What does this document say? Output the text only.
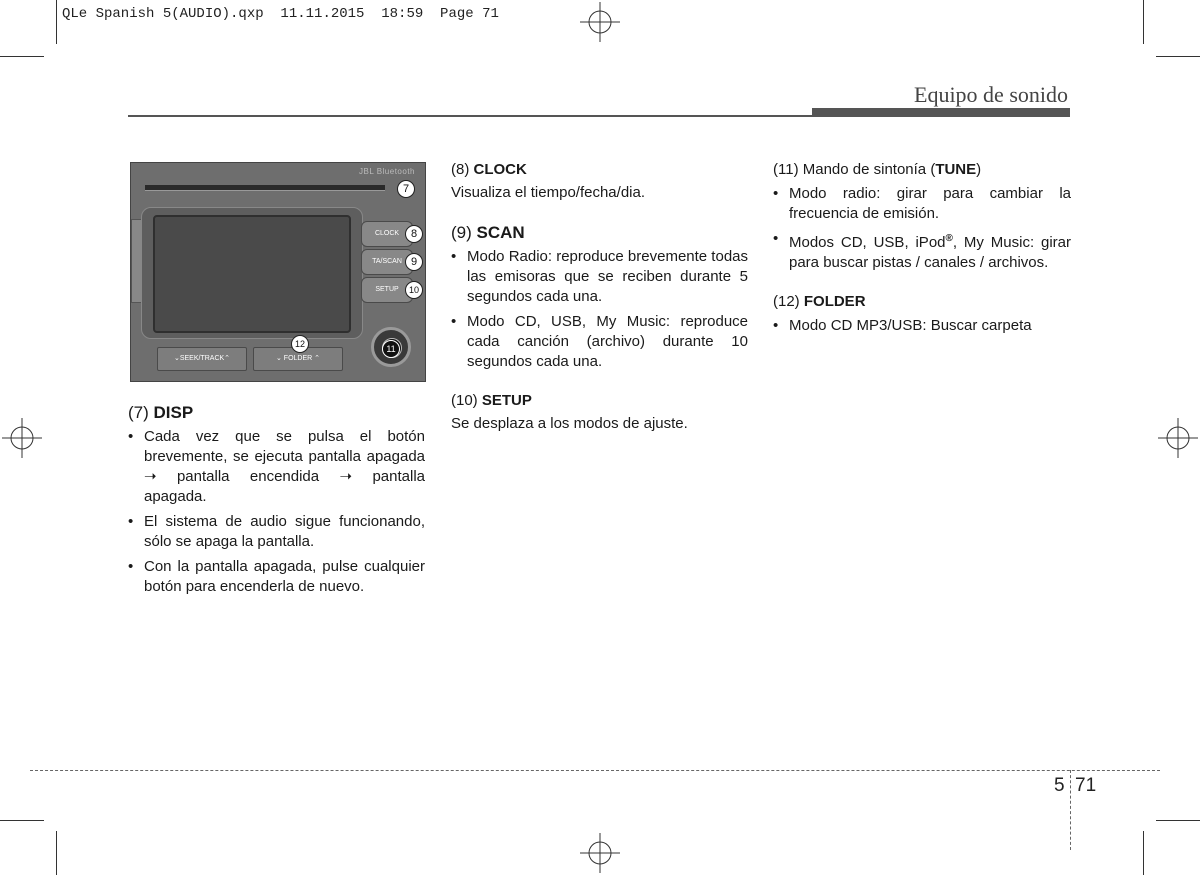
QLe Spanish 5(AUDIO).qxp  11.11.2015  18:59  Page 71
Equipo de sonido
JBL Bluetooth
CLOCK
TA/SCAN
SETUP
⌄SEEK/TRACK⌃	⌄ FOLDER ⌃
7
8
9
10
12	11
(7) DISP
• Cada vez que se pulsa el botón brevemente, se ejecuta pantalla apagada ➝ pantalla encendida ➝ pantalla apagada.
• El sistema de audio sigue funcionando, sólo se apaga la pantalla.
• Con la pantalla apagada, pulse cualquier botón para encenderla de nuevo.
(8) CLOCK

Visualiza el tiempo/fecha/dia.

(9) SCAN
• Modo Radio: reproduce brevemente todas las emisoras que se reciben durante 5 segundos cada una.
• Modo CD, USB, My Music: reproduce cada canción (archivo) durante 10 segundos cada una.
(10) SETUP

Se desplaza a los modos de ajuste.

(11) Mando de sintonía (TUNE)
• Modo radio: girar para cambiar la frecuencia de emisión.
• Modos CD, USB, iPod®, My Music: girar para buscar pistas / canales / archivos.
(12) FOLDER
• Modo CD MP3/USB: Buscar carpeta
5 71
